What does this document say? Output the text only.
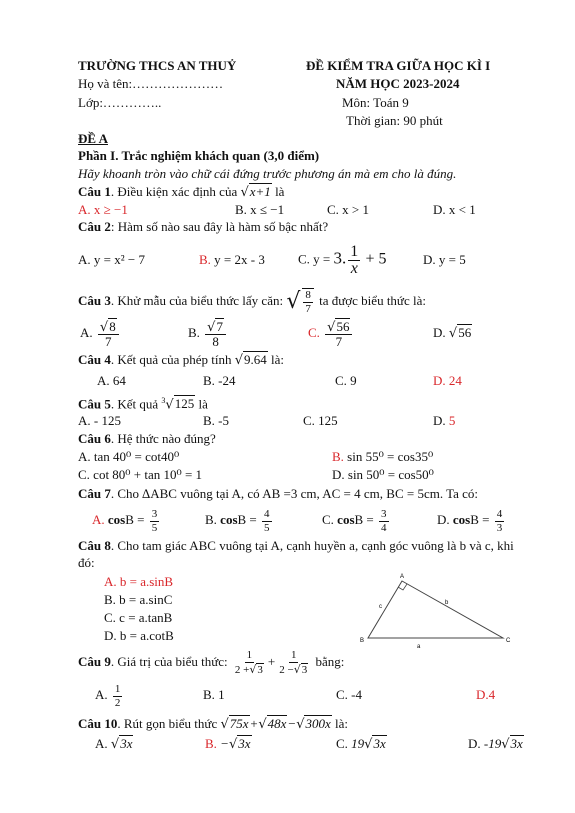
TRƯỜNG THCS AN THUỶ	ĐỀ KIỂM TRA GIỮA HỌC KÌ I
Họ và tên:…………………	NĂM HỌC 2023-2024
Lớp:…………..	Môn: Toán 9
Thời gian: 90 phút
ĐỀ A
Phần I. Trắc nghiệm khách quan (3,0 điểm)
Hãy khoanh tròn vào chữ cái đứng trước phương án mà em cho là đúng.
Câu 1. Điều kiện xác định của √x+1 là
A. x ≥ −1	B. x ≤ −1	C. x > 1	D. x < 1
Câu 2: Hàm số nào sau đây là hàm số bậc nhất?
A. y = x² − 7	B. y = 2x - 3	C. y = 3. $\frac{1}{x} + 5$	D. y = 5
Câu 3. Khử mẫu của biểu thức lấy căn: √ $\frac{8}{7}$ ta được biểu thức là:
A. $\frac{√8}{7}$	B. $\frac{√7}{8}$	C. $\frac{√56}{7}$	D. √56
Câu 4. Kết quả của phép tính √9.64 là:
A. 64	B. -24	C. 9	D. 24
Câu 5. Kết quả $^3$√125 là
A. - 125	B. -5	C. 125	D. 5
Câu 6. Hệ thức nào đúng?
A. tan 40⁰ = cot40⁰	B. sin 55⁰ = cos35⁰
C. cot 80⁰ + tan 10⁰ = 1	D. sin 50⁰ = cos50⁰
Câu 7. Cho ∆ABC vuông tại A, có AB =3 cm, AC = 4 cm, BC = 5cm. Ta có:
A. $\cos B = \frac{3}{5}$	B. $\cos B = \frac{4}{5}$	C. $\cos B = \frac{3}{4}$	D. $\cos B = \frac{4}{3}$
Câu 8. Cho tam giác ABC vuông tại A, cạnh huyền a, cạnh góc vuông là b và c, khi
đó:
A. b = a.sinB
B. b = a.sinC
C. c = a.tanB
D. b = a.cotB
A
B	C
a
b
c
Câu 9. Giá trị của biểu thức: $\frac{1}{2 +√3} + \frac{1}{2 -√3}$ bằng:
A. $\frac{1}{2}$	B. 1	C. -4	D.4
Câu 10. Rút gọn biểu thức √75x+√48x−√300x là:
A. √3x	B. −√3x	C. 19√3x	D. -19√3x
